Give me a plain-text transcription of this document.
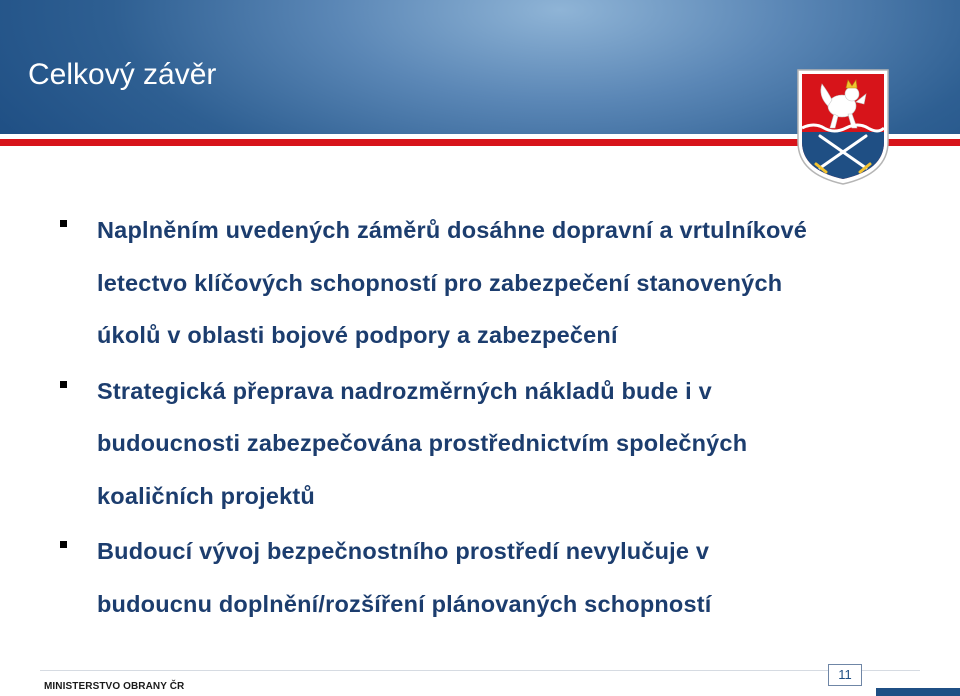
Celkový závěr
Naplněním uvedených záměrů dosáhne dopravní a vrtulníkové
letectvo klíčových schopností pro zabezpečení stanovených
úkolů v oblasti bojové podpory a zabezpečení
Strategická přeprava nadrozměrných nákladů bude i v
budoucnosti zabezpečována prostřednictvím společných
koaličních projektů
Budoucí vývoj bezpečnostního prostředí nevylučuje v
budoucnu doplnění/rozšíření plánovaných schopností
MINISTERSTVO OBRANY ČR
11
